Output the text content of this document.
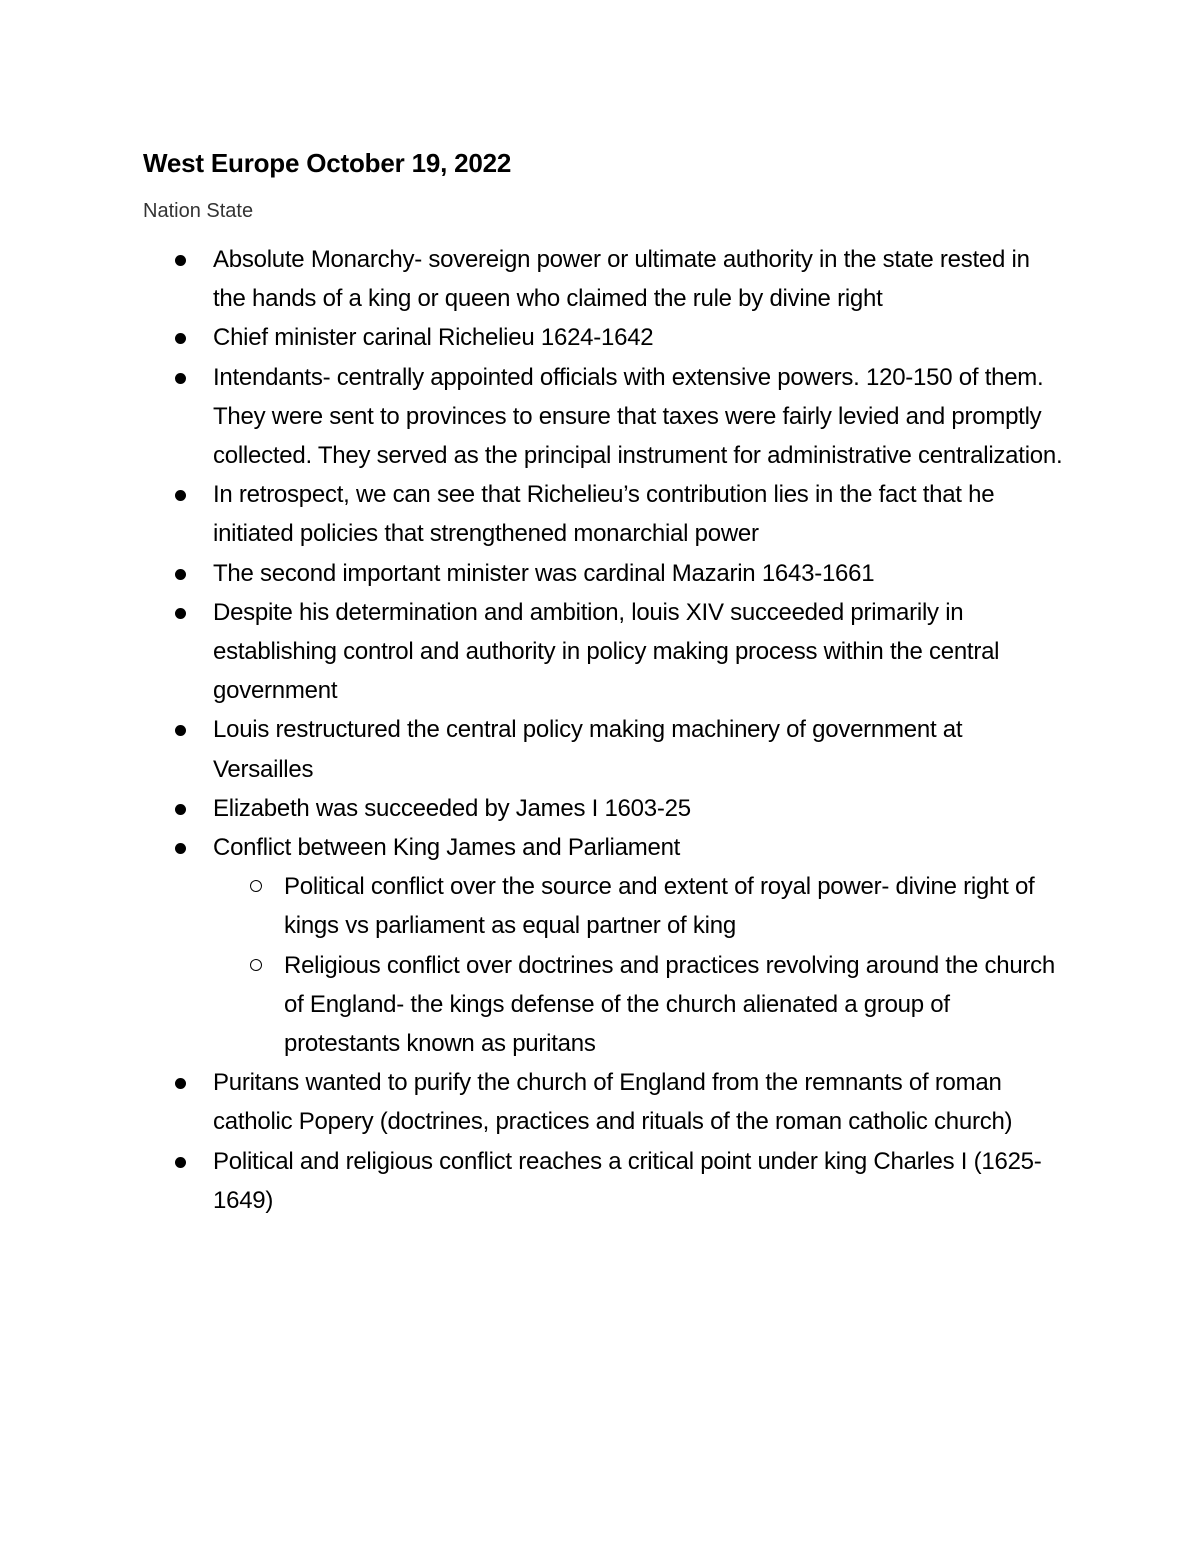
West Europe October 19, 2022
Nation State
Absolute Monarchy- sovereign power or ultimate authority in the state rested in the hands of a king or queen who claimed the rule by divine right
Chief minister carinal Richelieu 1624-1642
Intendants- centrally appointed officials with extensive powers. 120-150 of them. They were sent to provinces to ensure that taxes were fairly levied and promptly collected. They served as the principal instrument for administrative centralization.
In retrospect, we can see that Richelieu’s contribution lies in the fact that he initiated policies that strengthened monarchial power
The second important minister was cardinal Mazarin 1643-1661
Despite his determination and ambition, louis XIV succeeded primarily in establishing control and authority in policy making process within the central government
Louis restructured the central policy making machinery of government at Versailles
Elizabeth was succeeded by James I 1603-25
Conflict between King James and Parliament
Political conflict over the source and extent of royal power- divine right of kings vs parliament as equal partner of king
Religious conflict over doctrines and practices revolving around the church of England- the kings defense of the church alienated a group of protestants known as puritans
Puritans wanted to purify the church of England from the remnants of roman catholic Popery (doctrines, practices and rituals of the roman catholic church)
Political and religious conflict reaches a critical point under king Charles I (1625-1649)
